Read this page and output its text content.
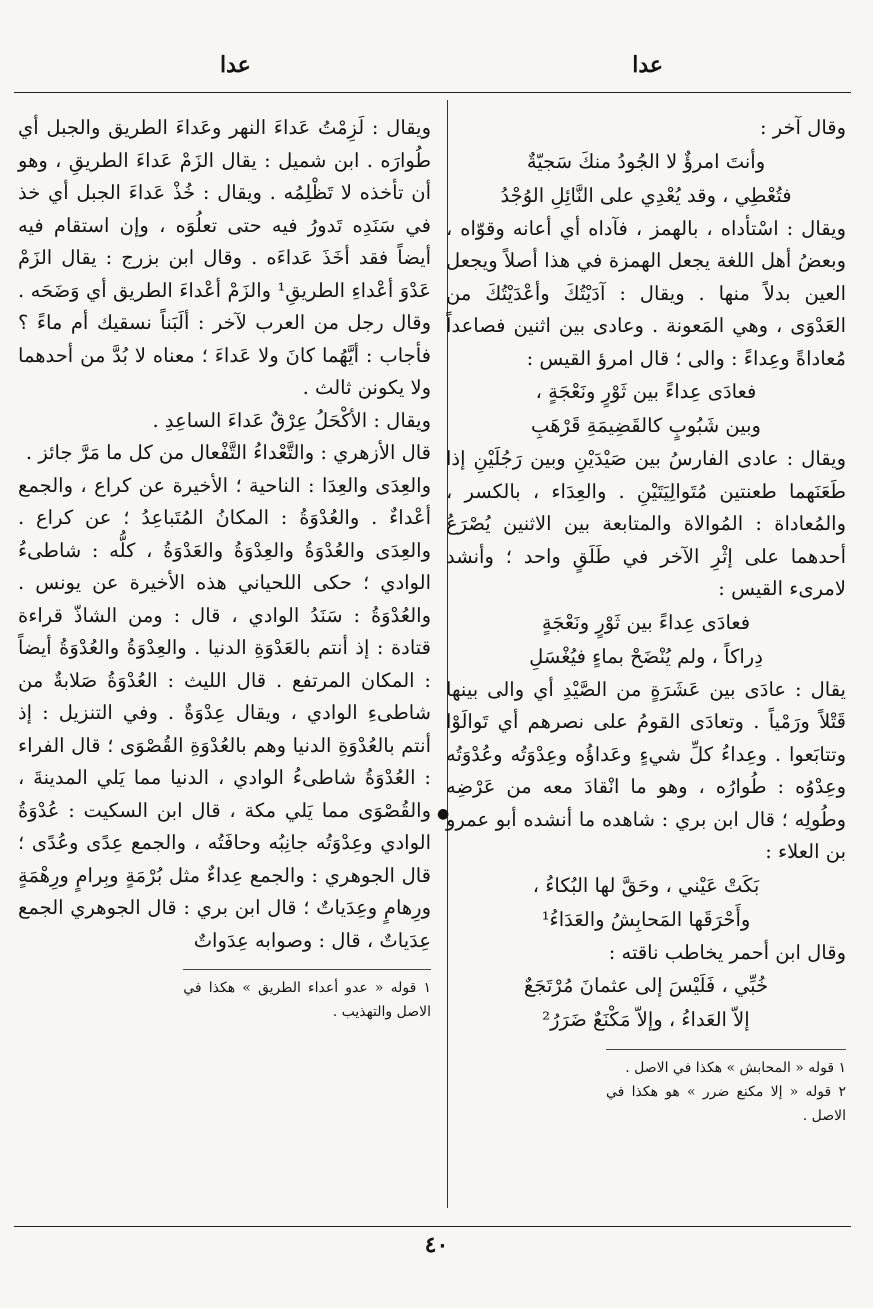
عدا
عدا

وقال آخر :

وأنتَ امرؤٌ لا الجُودُ منكَ سَجيّةٌ

فتُعْطِي ، وقد يُعْدِي على النَّائِلِ الوُجْدُ

ويقال : اسْتأداه ، بالهمز ، فآداه أي أعانه وقوّاه ، وبعضُ أهل اللغة يجعل الهمزة في هذا أصلاً ويجعل العين بدلاً منها . ويقال : آدَيْتُكَ وأعْدَيْتُكَ من العَدْوَى ، وهي المَعونة . وعادى بين اثنين فصاعداً مُعاداةً وعِداءً : والى ؛ قال امرؤ القيس :

فعادَى عِداءً بين ثَوْرٍ ونَعْجَةٍ ،

وبين شَبُوبٍ كالقَضِيمَةِ قَرْهَبِ

ويقال : عادى الفارسُ بين صَيْدَيْنِ وبين رَجُلَيْنِ إذا طَعَنَهما طعنتين مُتَوالِيَتَيْنِ . والعِدَاء ، بالكسر ، والمُعاداة : المُوالاة والمتابعة بين الاثنين يُصْرَعُ أحدهما على إثْرِ الآخر في طَلَقٍ واحد ؛ وأنشد لامرىء القيس :

فعادَى عِداءً بين ثَوْرٍ ونَعْجَةٍ

دِراكاً ، ولم يُنْضَحْ بماءٍ فيُغْسَلِ

يقال : عادَى بين عَشَرَةٍ من الصَّيْدِ أي والى بينها قَتْلاً ورَمْياً . وتعادَى القومُ على نصرهم أي تَوالَوْا وتتابَعوا . وعِداءُ كلِّ شيءٍ وعَداؤُه وعِدْوَتُه وعُدْوَتُه وعِدْوُه : طُوارُه ، وهو ما انْقادَ معه من عَرْضِه وطُولِه ؛ قال ابن بري : شاهده ما أنشده أبو عمرو بن العلاء :

بَكَتْ عَيْني ، وحَقَّ لها البُكاءُ ،

وأَحْرَقَها المَحابِشُ والعَدَاءُ¹

وقال ابن أحمر يخاطب ناقته :

خُبِّي ، فَلَيْسَ إلى عثمانَ مُرْتَجَعٌ

إلاّ العَداءُ ، وإلاّ مَكْنَعٌ ضَرَرُ²

١ قوله « المحابش » هكذا في الاصل .

٢ قوله « إلا مكنع ضرر » هو هكذا في الاصل .

ويقال : لَزِمْتُ عَداءَ النهر وعَداءَ الطريق والجبل أي طُوارَه . ابن شميل : يقال الزَمْ عَداءَ الطريقِ ، وهو أن تأخذه لا تَظْلِمُه . ويقال : خُذْ عَداءَ الجبل أي خذ في سَنَدِه تَدورُ فيه حتى تعلُوَه ، وإن استقام فيه أيضاً فقد أخَذَ عَداءَه . وقال ابن بزرج : يقال الزَمْ عَدْوَ أعْداءِ الطريقِ¹ والزَمْ أعْداءَ الطريق أي وَضَحَه . وقال رجل من العرب لآخر : ألَبَناً نسقيك أم ماءً ؟ فأجاب : أيَّهُما كانَ ولا عَداءَ ؛ معناه لا بُدَّ من أحدهما ولا يكونن ثالث .

ويقال : الأكْحَلُ عِرْقٌ عَداءَ الساعِدِ .

قال الأزهري : والتَّعْداءُ التَّفْعال من كل ما مَرَّ جائز .

والعِدَى والعِدَا : الناحية ؛ الأخيرة عن كراع ، والجمع أعْداءٌ . والعُدْوَةُ : المكانُ المُتَباعِدُ ؛ عن كراع . والعِدَى والعُدْوَةُ والعِدْوَةُ والعَدْوَةُ ، كلُّه : شاطىءُ الوادي ؛ حكى اللحياني هذه الأخيرة عن يونس . والعُدْوَةُ : سَنَدُ الوادي ، قال : ومن الشاذّ قراءة قتادة : إذ أنتم بالعَدْوَةِ الدنيا . والعِدْوَةُ والعُدْوَةُ أيضاً : المكان المرتفع . قال الليث : العُدْوَةُ صَلابةٌ من شاطىءِ الوادي ، ويقال عِدْوَةٌ . وفي التنزيل : إذ أنتم بالعُدْوَةِ الدنيا وهم بالعُدْوَةِ القُصْوَى ؛ قال الفراء : العُدْوَةُ شاطىءُ الوادي ، الدنيا مما يَلي المدينةَ ، والقُصْوَى مما يَلي مكة ، قال ابن السكيت : عُدْوَةُ الوادي وعِدْوَتُه جانِبُه وحافَتُه ، والجمع عِدًى وعُدًى ؛ قال الجوهري : والجمع عِداءٌ مثل بُرْمَةٍ وبِرامٍ ورِهْمَةٍ ورِهامٍ وعِدَياتٌ ؛ قال ابن بري : قال الجوهري الجمع عِدَياتٌ ، قال : وصوابه عِدَواتٌ

١ قوله « عدو أعداء الطريق » هكذا في الاصل والتهذيب .

●
٤٠
